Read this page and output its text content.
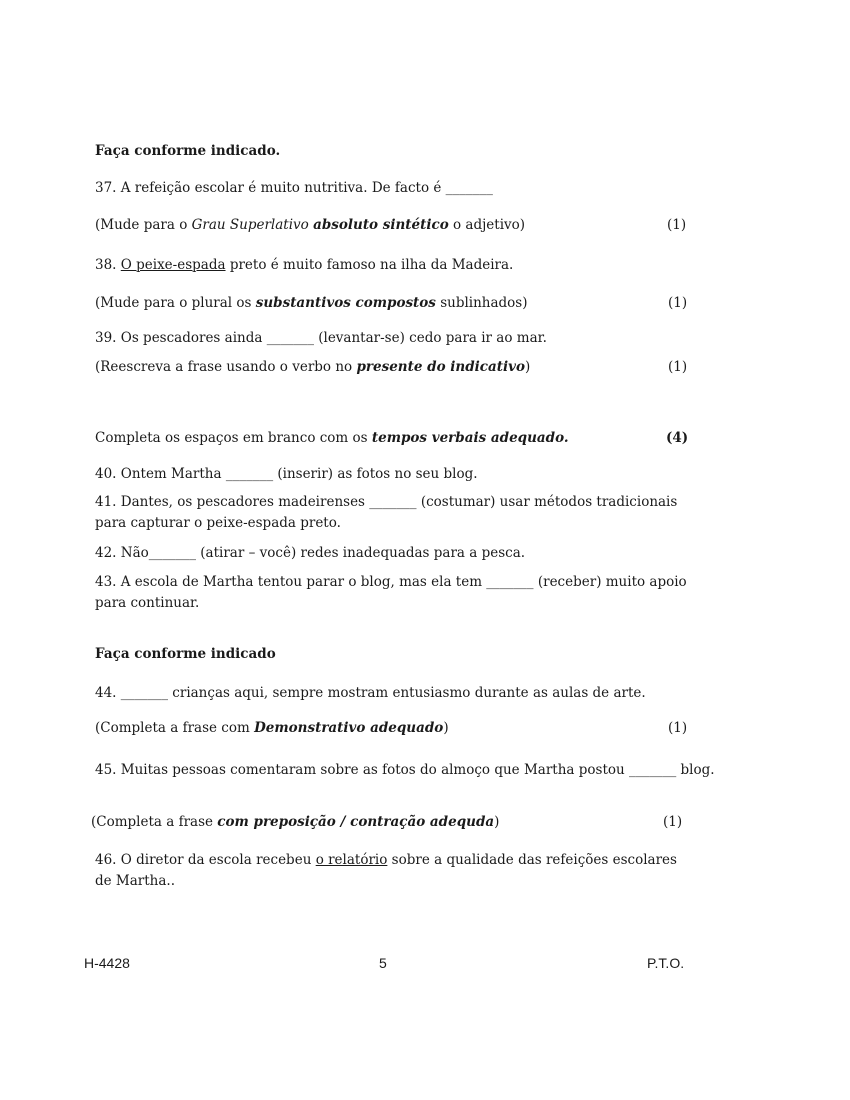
Faça conforme indicado.
37. A refeição escolar é muito nutritiva. De facto é _______
(Mude para o Grau Superlativo absoluto sintético o adjetivo)	(1)
38. O peixe-espada preto é muito famoso na ilha da Madeira.
(Mude para o plural os substantivos compostos sublinhados)	(1)
39. Os pescadores ainda _______ (levantar-se) cedo para ir ao mar.
(Reescreva a frase usando o verbo no presente do indicativo)	(1)
Completa os espaços em branco com os tempos verbais adequado.	(4)
40. Ontem Martha _______ (inserir) as fotos no seu blog.
41. Dantes, os pescadores madeirenses _______ (costumar) usar métodos tradicionais para capturar o peixe-espada preto.
42. Não_______ (atirar – você) redes inadequadas para a pesca.
43. A escola de Martha tentou parar o blog, mas ela tem _______ (receber) muito apoio para continuar.
Faça conforme indicado
44. _______ crianças aqui, sempre mostram entusiasmo durante as aulas de arte.
(Completa a frase com Demonstrativo adequado)	(1)
45. Muitas pessoas comentaram sobre as fotos do almoço que Martha postou _______ blog.
(Completa a frase com preposição / contração adequda)	(1)
46. O diretor da escola recebeu o relatório sobre a qualidade das refeições escolares de Martha..
H-4428	5	P.T.O.
